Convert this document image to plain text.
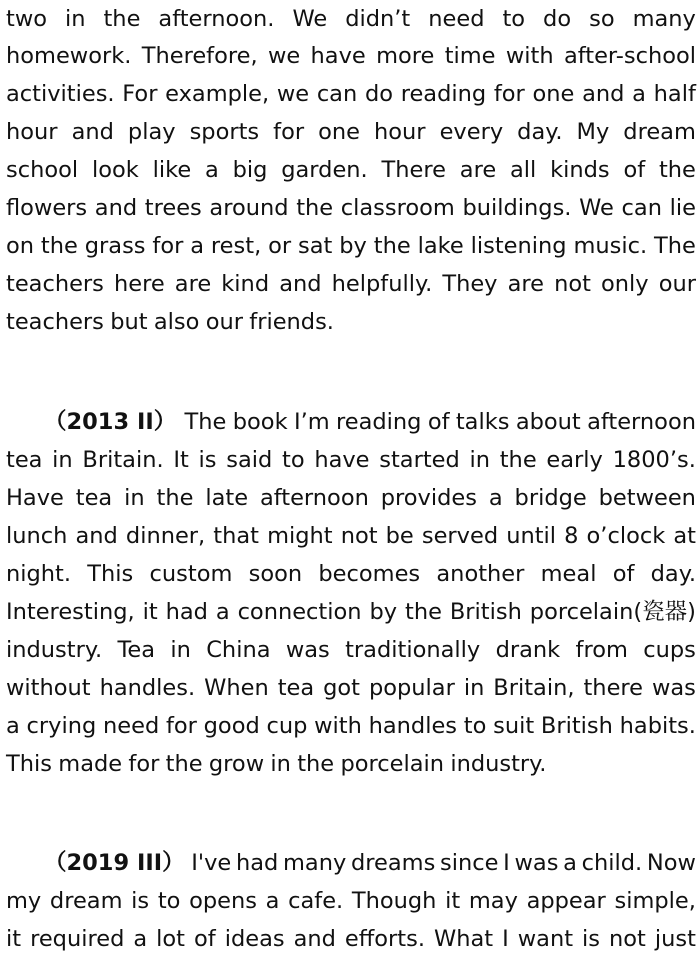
two in the afternoon. We didn’t need to do so many
homework. Therefore, we have more time with after-school
activities. For example, we can do reading for one and a half
hour and play sports for one hour every day. My dream
school look like a big garden. There are all kinds of the
flowers and trees around the classroom buildings. We can lie
on the grass for a rest, or sat by the lake listening music. The
teachers here are kind and helpfully. They are not only our
teachers but also our friends.
（2013 II） The book I’m reading of talks about afternoon
tea in Britain. It is said to have started in the early 1800’s.
Have tea in the late afternoon provides a bridge between
lunch and dinner, that might not be served until 8 o’clock at
night. This custom soon becomes another meal of day.
Interesting, it had a connection by the British porcelain(瓷器)
industry. Tea in China was traditionally drank from cups
without handles. When tea got popular in Britain, there was
a crying need for good cup with handles to suit British habits.
This made for the grow in the porcelain industry.
（2019 III） I've had many dreams since I was a child. Now
my dream is to opens a cafe. Though it may appear simple,
it required a lot of ideas and efforts. What I want is not just
